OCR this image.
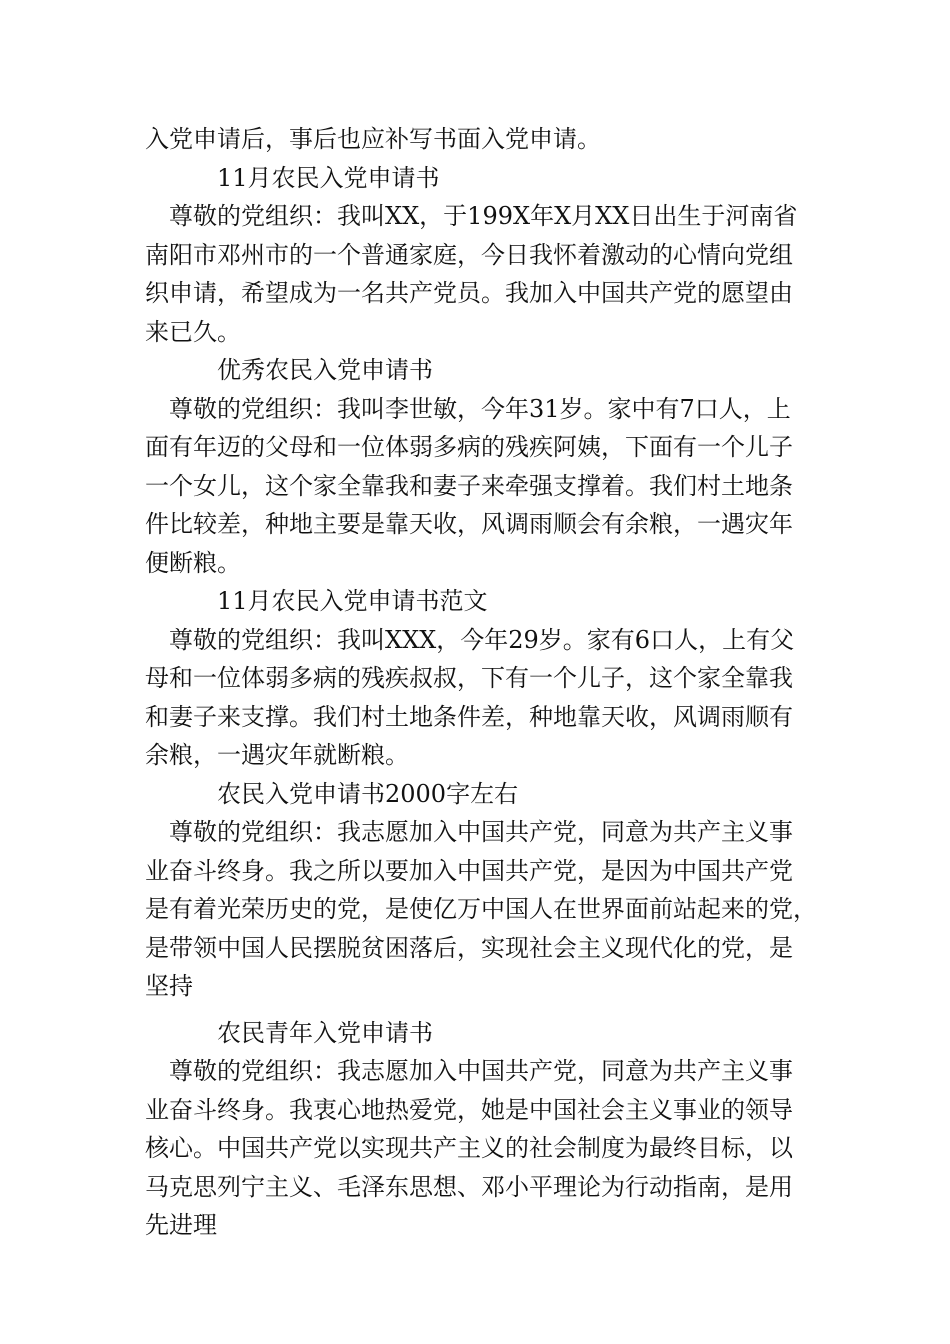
入党申请后，事后也应补写书面入党申请。
11月农民入党申请书
尊敬的党组织：我叫XX，于199X年X月XX日出生于河南省
南阳市邓州市的一个普通家庭，今日我怀着激动的心情向党组
织申请，希望成为一名共产党员。我加入中国共产党的愿望由
来已久。
优秀农民入党申请书
尊敬的党组织：我叫李世敏，今年31岁。家中有7口人，上
面有年迈的父母和一位体弱多病的残疾阿姨，下面有一个儿子
一个女儿，这个家全靠我和妻子来牵强支撑着。我们村土地条
件比较差，种地主要是靠天收，风调雨顺会有余粮，一遇灾年
便断粮。
11月农民入党申请书范文
尊敬的党组织：我叫XXX，今年29岁。家有6口人，上有父
母和一位体弱多病的残疾叔叔，下有一个儿子，这个家全靠我
和妻子来支撑。我们村土地条件差，种地靠天收，风调雨顺有
余粮，一遇灾年就断粮。
农民入党申请书2000字左右
尊敬的党组织：我志愿加入中国共产党，同意为共产主义事
业奋斗终身。我之所以要加入中国共产党，是因为中国共产党
是有着光荣历史的党，是使亿万中国人在世界面前站起来的党，
是带领中国人民摆脱贫困落后，实现社会主义现代化的党，是
坚持
农民青年入党申请书
尊敬的党组织：我志愿加入中国共产党，同意为共产主义事
业奋斗终身。我衷心地热爱党，她是中国社会主义事业的领导
核心。中国共产党以实现共产主义的社会制度为最终目标，以
马克思列宁主义、毛泽东思想、邓小平理论为行动指南，是用
先进理
